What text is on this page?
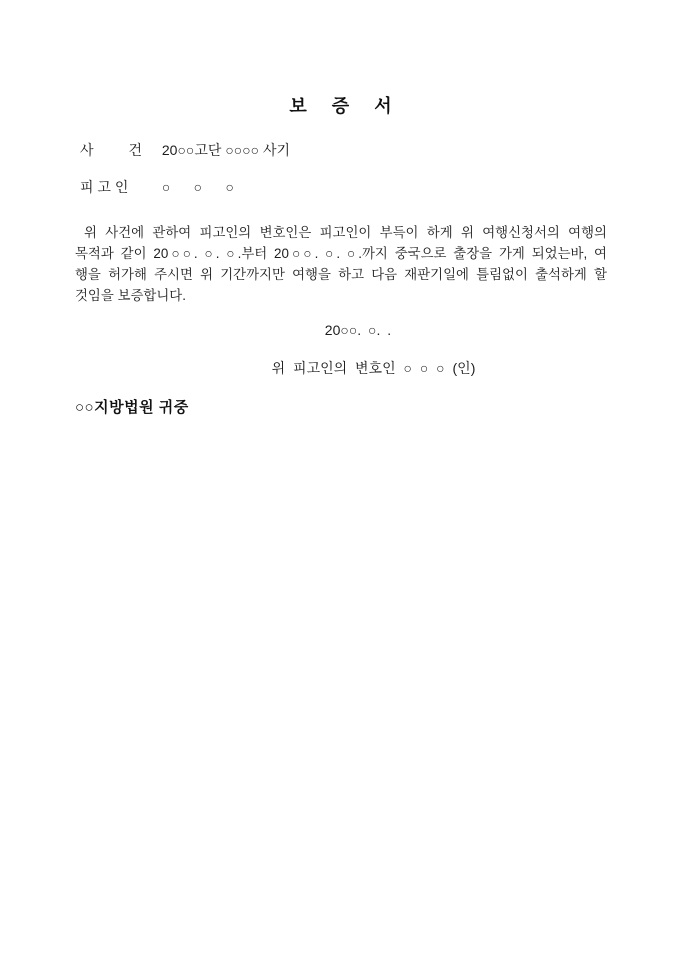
보    증    서
사         건 20○○고단 ○○○○ 사기
피 고 인 ○      ○      ○
위 사건에 관하여 피고인의 변호인은 피고인이 부득이 하게 위 여행신청서의 여행의
목적과 같이 20○○. ○. ○.부터 20○○. ○. ○.까지 중국으로 출장을 가게 되었는바, 여
행을 허가해 주시면 위 기간까지만 여행을 하고 다음 재판기일에 틀림없이 출석하게 할
것임을 보증합니다.
20○○. ○. .
위 피고인의 변호인 ○ ○ ○ (인)
○○지방법원 귀중
